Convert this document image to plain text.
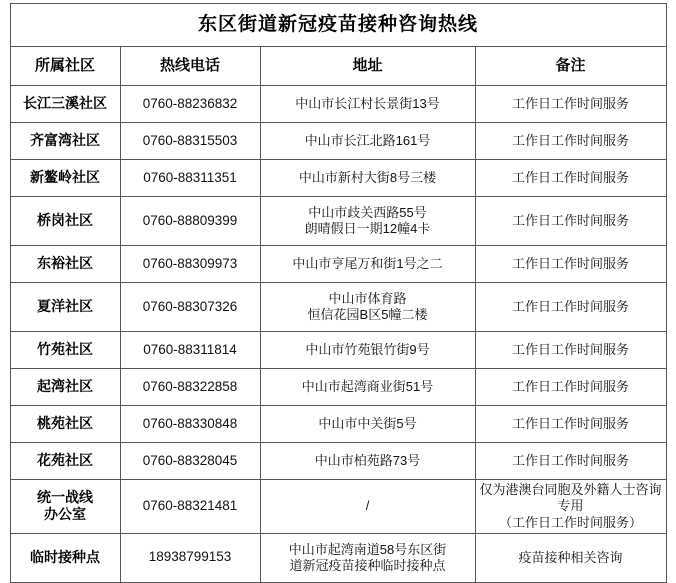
东区街道新冠疫苗接种咨询热线			
所属社区	热线电话	地址	备注
长江三溪社区	0760-88236832	中山市长江村长景街13号	工作日工作时间服务

齐富湾社区	0760-88315503	中山市长江北路161号	工作日工作时间服务

新鳌岭社区	0760-88311351	中山市新村大街8号三楼	工作日工作时间服务

桥岗社区	0760-88809399	中山市歧关西路55号
朗晴假日一期12幢4卡	工作日工作时间服务

东裕社区	0760-88309973	中山市亨尾万和街1号之二	工作日工作时间服务

夏洋社区	0760-88307326	中山市体育路
恒信花园B区5幢二楼	工作日工作时间服务

竹苑社区	0760-88311814	中山市竹苑银竹街9号	工作日工作时间服务

起湾社区	0760-88322858	中山市起湾商业街51号	工作日工作时间服务

桃苑社区	0760-88330848	中山市中关街5号	工作日工作时间服务

花苑社区	0760-88328045	中山市柏苑路73号	工作日工作时间服务

统一战线
办公室	0760-88321481	/	仅为港澳台同胞及外籍人士咨询专用
（工作日工作时间服务）

临时接种点	18938799153	中山市起湾南道58号东区街
道新冠疫苗接种临时接种点	疫苗接种相关咨询
